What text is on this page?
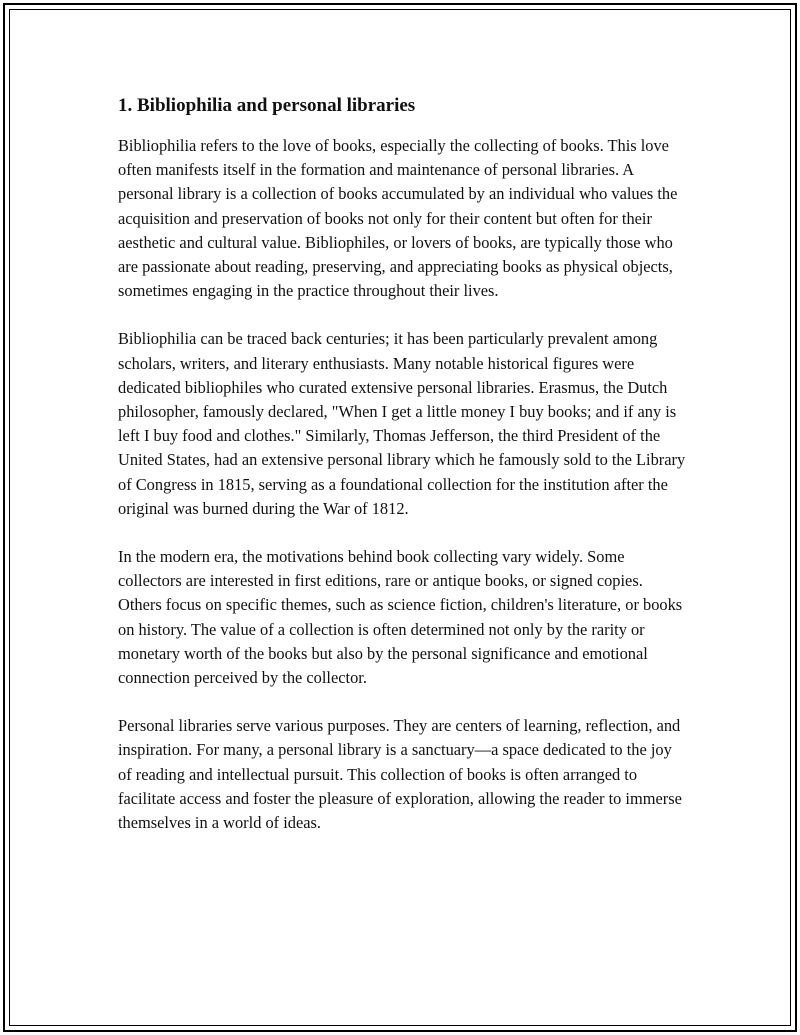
1. Bibliophilia and personal libraries

Bibliophilia refers to the love of books, especially the collecting of books. This love often manifests itself in the formation and maintenance of personal libraries. A personal library is a collection of books accumulated by an individual who values the acquisition and preservation of books not only for their content but often for their aesthetic and cultural value. Bibliophiles, or lovers of books, are typically those who are passionate about reading, preserving, and appreciating books as physical objects, sometimes engaging in the practice throughout their lives.

Bibliophilia can be traced back centuries; it has been particularly prevalent among scholars, writers, and literary enthusiasts. Many notable historical figures were dedicated bibliophiles who curated extensive personal libraries. Erasmus, the Dutch philosopher, famously declared, "When I get a little money I buy books; and if any is left I buy food and clothes." Similarly, Thomas Jefferson, the third President of the United States, had an extensive personal library which he famously sold to the Library of Congress in 1815, serving as a foundational collection for the institution after the original was burned during the War of 1812.

In the modern era, the motivations behind book collecting vary widely. Some collectors are interested in first editions, rare or antique books, or signed copies. Others focus on specific themes, such as science fiction, children's literature, or books on history. The value of a collection is often determined not only by the rarity or monetary worth of the books but also by the personal significance and emotional connection perceived by the collector.

Personal libraries serve various purposes. They are centers of learning, reflection, and inspiration. For many, a personal library is a sanctuary—a space dedicated to the joy of reading and intellectual pursuit. This collection of books is often arranged to facilitate access and foster the pleasure of exploration, allowing the reader to immerse themselves in a world of ideas.
